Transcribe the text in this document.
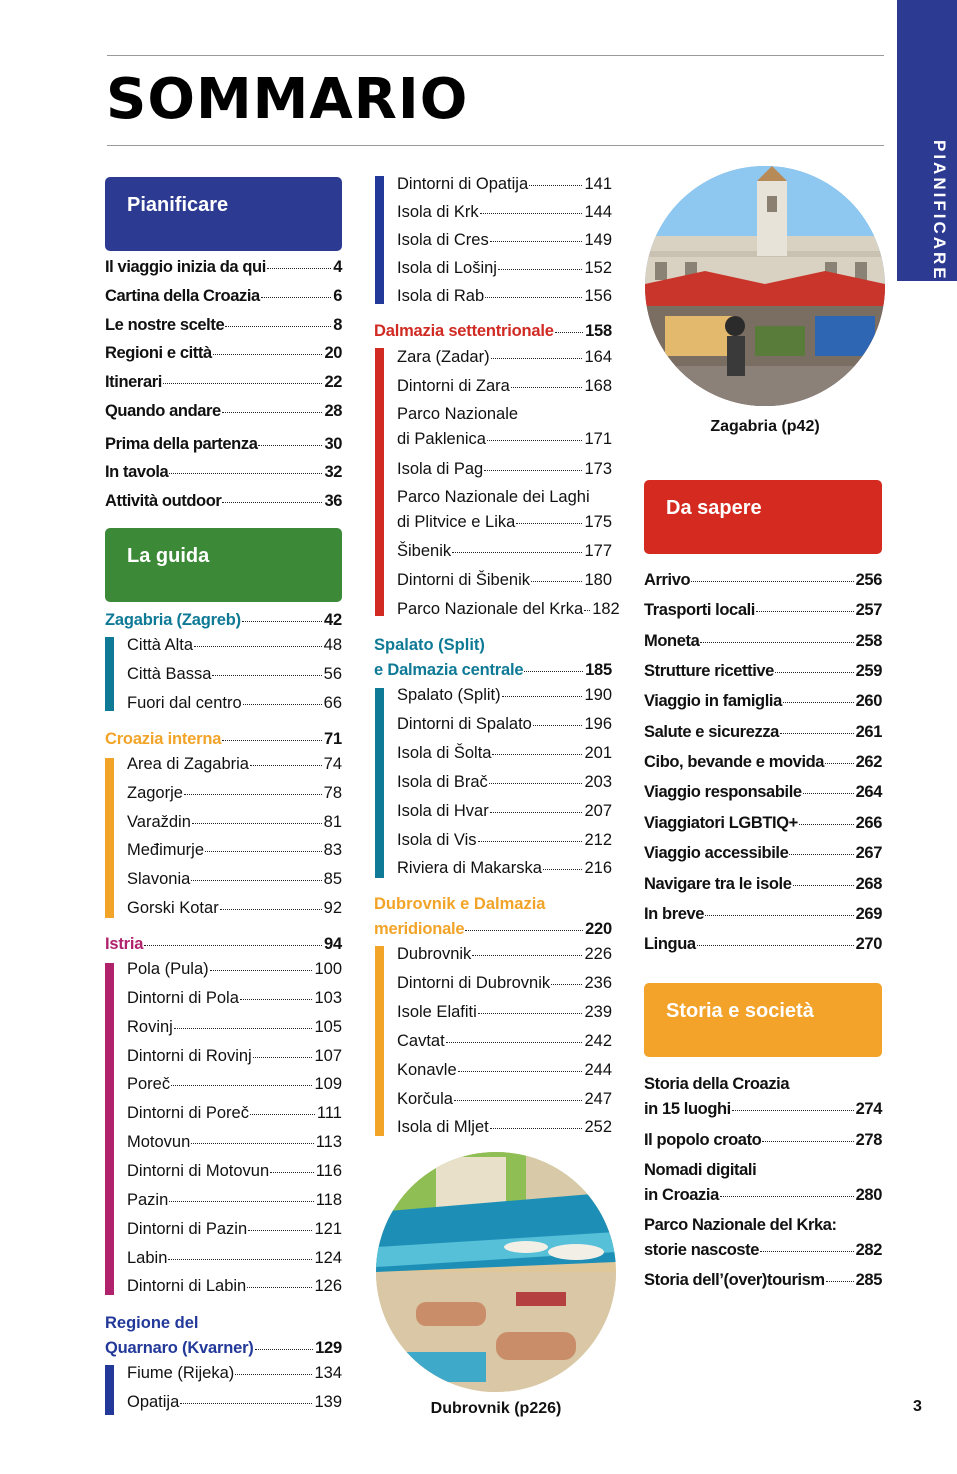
SOMMARIO
PIANIFICARE
Pianificare
La guida
Il viaggio inizia da qui	4
Cartina della Croazia	6
Le nostre scelte	8
Regioni e città	20
Itinerari	22
Quando andare	28
Prima della partenza	30
In tavola	32
Attività outdoor	36
Zagabria (Zagreb)	42
Città Alta	48
Città Bassa	56
Fuori dal centro	66
Croazia interna	71
Area di Zagabria	74
Zagorje	78
Varaždin	81
Međimurje	83
Slavonia	85
Gorski Kotar	92
Istria	94
Pola (Pula)	100
Dintorni di Pola	103
Rovinj	105
Dintorni di Rovinj	107
Poreč	109
Dintorni di Poreč	111
Motovun	113
Dintorni di Motovun	116
Pazin	118
Dintorni di Pazin	121
Labin	124
Dintorni di Labin	126
Regione del
Quarnaro (Kvarner)	129
Fiume (Rijeka)	134
Opatija	139
Dintorni di Opatija	141
Isola di Krk	144
Isola di Cres	149
Isola di Lošinj	152
Isola di Rab	156
Dalmazia settentrionale 158
Zara (Zadar)	164
Dintorni di Zara	168
Parco Nazionale
di Paklenica	171
Isola di Pag	173
Parco Nazionale dei Laghi
di Plitvice e Lika	175
Šibenik	177
Dintorni di Šibenik	180
Parco Nazionale del Krka 182
Spalato (Split)
e Dalmazia centrale	185
Spalato (Split)	190
Dintorni di Spalato	196
Isola di Šolta	201
Isola di Brač	203
Isola di Hvar	207
Isola di Vis	212
Riviera di Makarska	216
Dubrovnik e Dalmazia
meridionale	220
Dubrovnik	226
Dintorni di Dubrovnik 236
Isole Elafiti	239
Cavtat	242
Konavle	244
Korčula	247
Isola di Mljet	252
Arrivo	256
Trasporti locali	257
Moneta	258
Strutture ricettive	259
Viaggio in famiglia	260
Salute e sicurezza	261
Cibo, bevande e movida 262
Viaggio responsabile	264
Viaggiatori LGBTIQ+	266
Viaggio accessibile	267
Navigare tra le isole	268
In breve	269
Lingua	270
Storia della Croazia
in 15 luoghi	274
Il popolo croato	278
Nomadi digitali
in Croazia	280
Parco Nazionale del Krka:
storie nascoste	282
Storia dell’(over)tourism 285
Zagabria (p42)
Dubrovnik (p226)
Da sapere
Storia e società
3
